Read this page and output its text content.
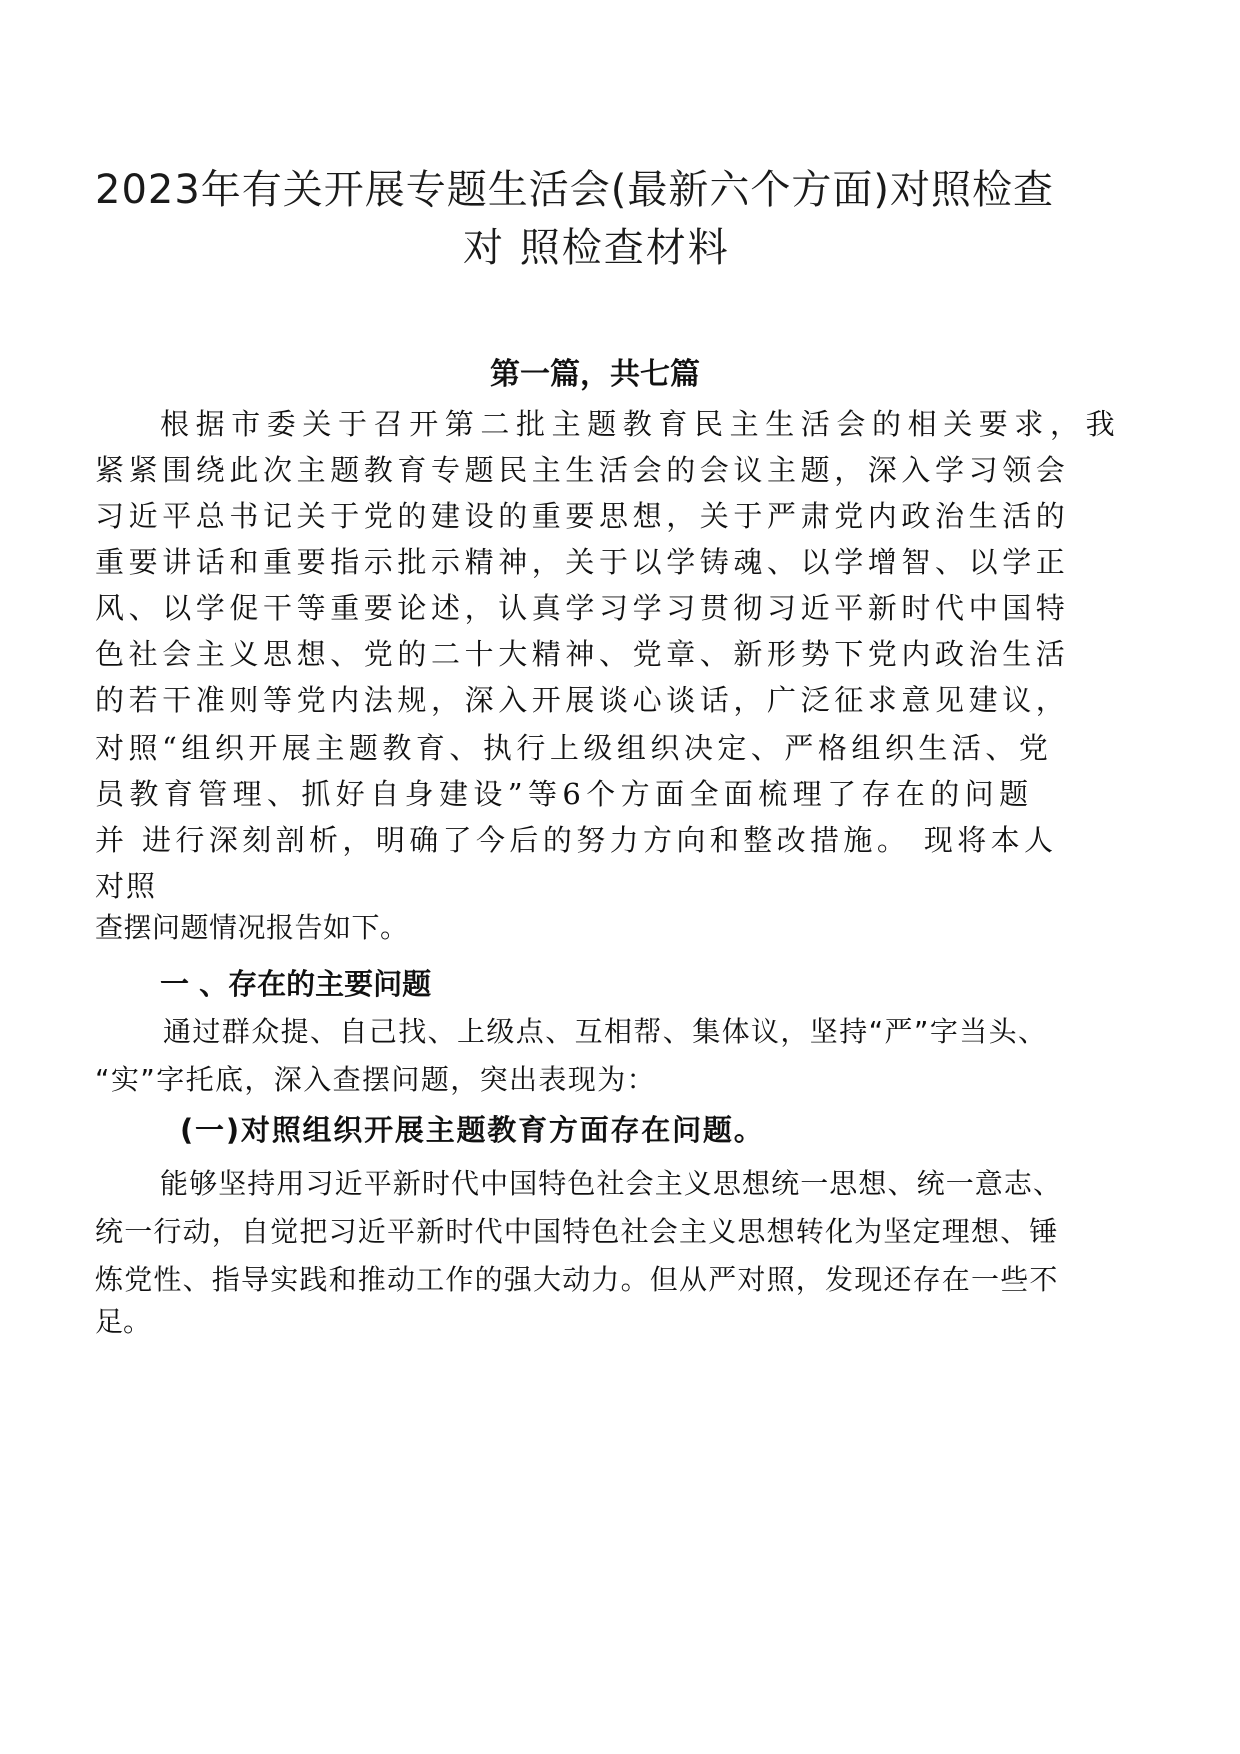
2023年有关开展专题生活会(最新六个方面)对照检查
对 照检查材料
第一篇，共七篇
根据市委关于召开第二批主题教育民主生活会的相关要求，我
紧紧围绕此次主题教育专题民主生活会的会议主题，深入学习领会
习近平总书记关于党的建设的重要思想，关于严肃党内政治生活的
重要讲话和重要指示批示精神，关于以学铸魂、以学增智、以学正
风、以学促干等重要论述，认真学习学习贯彻习近平新时代中国特
色社会主义思想、党的二十大精神、党章、新形势下党内政治生活
的若干准则等党内法规，深入开展谈心谈话，广泛征求意见建议，
对照“组织开展主题教育、执行上级组织决定、严格组织生活、党
员教育管理、抓好自身建设”等6个方面全面梳理了存在的问题
并 进行深刻剖析，明确了今后的努力方向和整改措施。 现将本人
对照
查摆问题情况报告如下。
一 、存在的主要问题
通过群众提、自己找、上级点、互相帮、集体议，坚持“严”字当头、
“实”字托底，深入查摆问题，突出表现为：
(一)对照组织开展主题教育方面存在问题。
能够坚持用习近平新时代中国特色社会主义思想统一思想、统一意志、
统一行动，自觉把习近平新时代中国特色社会主义思想转化为坚定理想、锤
炼党性、指导实践和推动工作的强大动力。但从严对照，发现还存在一些不
足。
